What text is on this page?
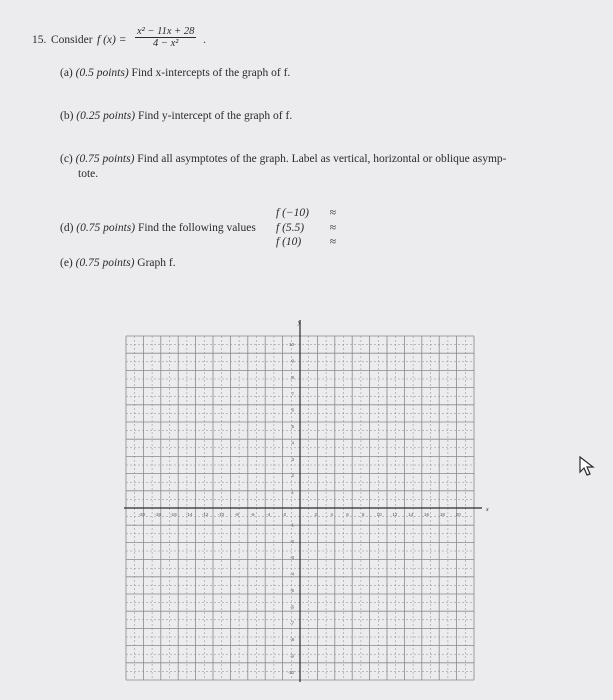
15. Consider f $(x) = \frac{\text{x² − 11x + 28}}{\text{4 − x²}}$ .
(a) (0.5 points) Find x-intercepts of the graph of f.
(b) (0.25 points) Find y-intercept of the graph of f.
(c) (0.75 points) Find all asymptotes of the graph. Label as vertical, horizontal or oblique asymp-
tote.
(d) (0.75 points) Find the following values
f (−10)	≈
f (5.5)	≈
f (10)	≈
(e) (0.75 points) Graph f.
x
y
-20 -18 -16 -14 -12 -10 -8	-6	-4	-2	2	4	6	8	10 12 14 16 18 20
10
9
8
7
6
5
4
3
2
1
-1
-2
-3
-4
-5
-6
-7
-8
-9
-10
